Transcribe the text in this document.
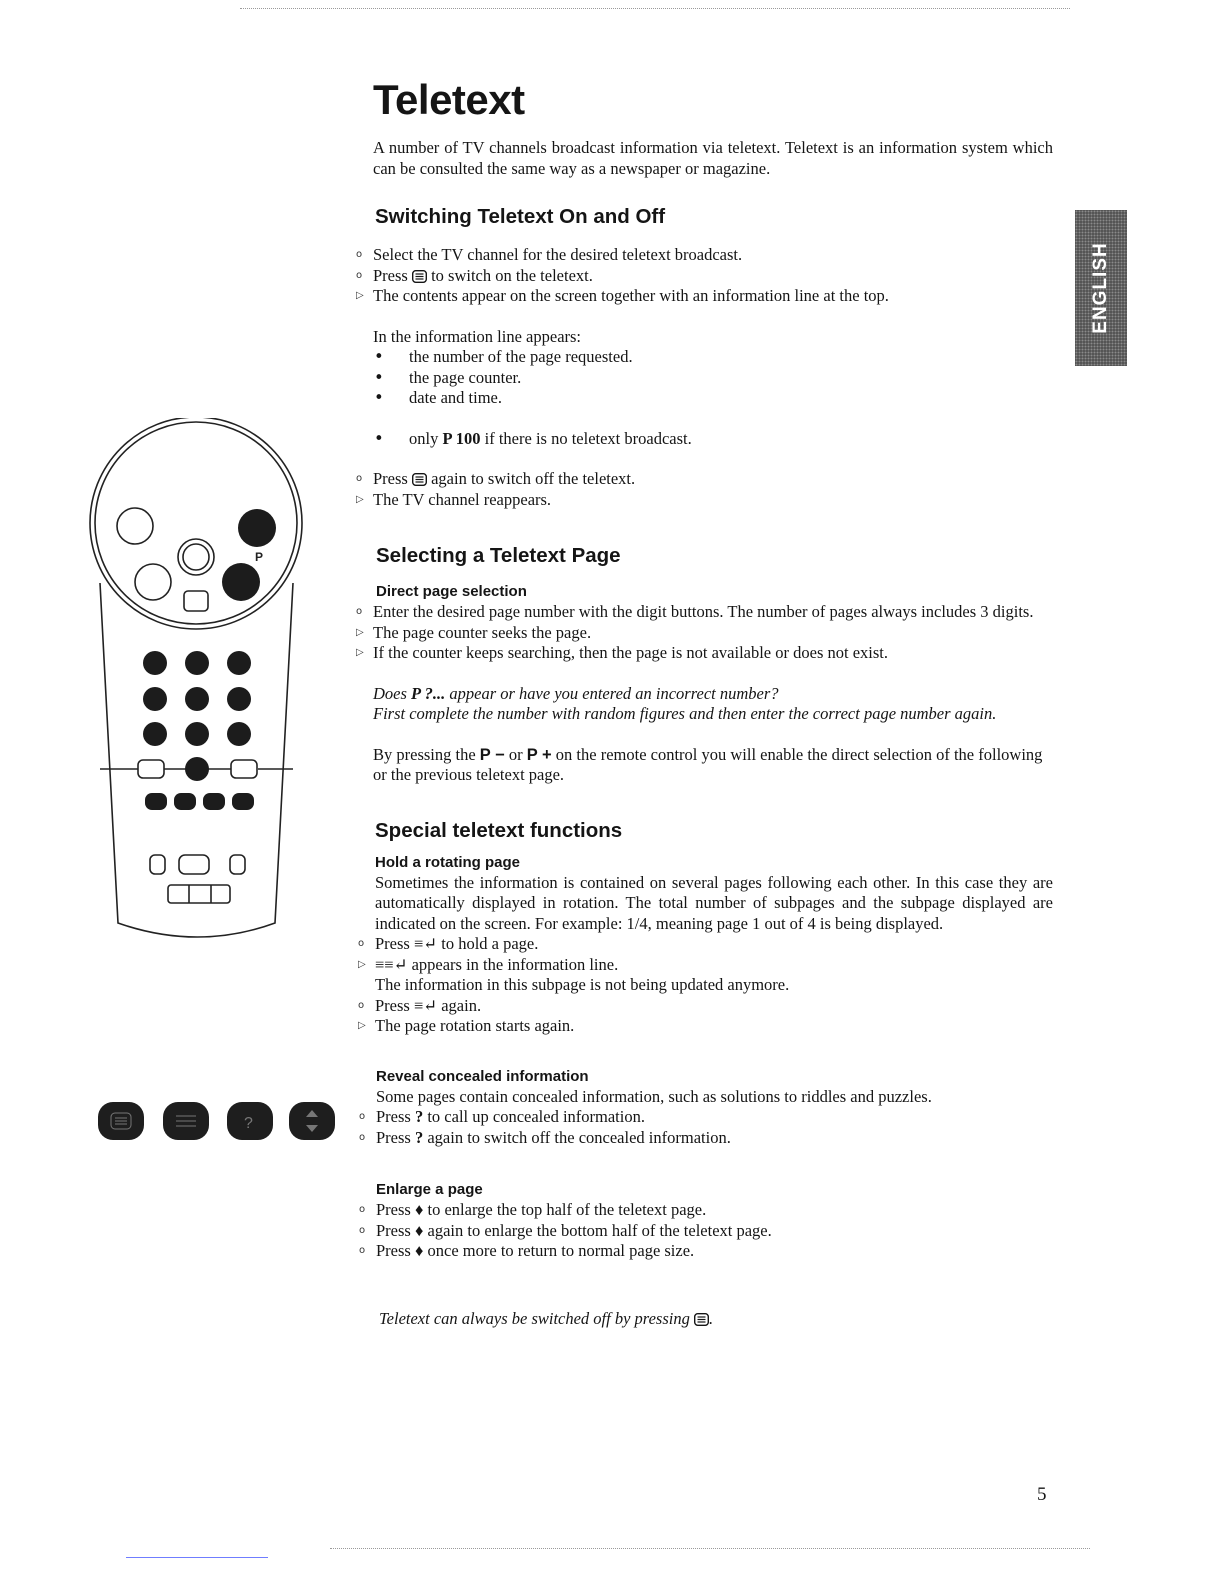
ENGLISH
P
?
Teletext

A number of TV channels broadcast information via teletext. Teletext is an information system which can be consulted the same way as a newspaper or magazine.

Switching Teletext On and Off
o Select the TV channel for the desired teletext broadcast.
o Press to switch on the teletext.
▷ The contents appear on the screen together with an information line at the top.

In the information line appears:

• the number of the page requested.
• the page counter.
• date and time.
• only P 100 if there is no teletext broadcast.
o Press again to switch off the teletext.
▷ The TV channel reappears.
Selecting a Teletext Page
Direct page selection
o Enter the desired page number with the digit buttons. The number of pages always includes 3 digits.
▷ The page counter seeks the page.
▷ If the counter keeps searching, then the page is not available or does not exist.

Does P ?... appear or have you entered an incorrect number?

First complete the number with random figures and then enter the correct page number again.

By pressing the P − or P + on the remote control you will enable the direct selection of the following or the previous teletext page.

Special teletext functions
Hold a rotating page

Sometimes the information is contained on several pages following each other. In this case they are automatically displayed in rotation. The total number of subpages and the subpage displayed are indicated on the screen. For example: 1/4, meaning page 1 out of 4 is being displayed.

o Press ≡↵ to hold a page.
▷ ≡≡↵ appears in the information line.
The information in this subpage is not being updated anymore.
o Press ≡↵ again.
▷ The page rotation starts again.
Reveal concealed information

Some pages contain concealed information, such as solutions to riddles and puzzles.

o Press ? to call up concealed information.
o Press ? again to switch off the concealed information.
Enlarge a page
o Press ♦ to enlarge the top half of the teletext page.
o Press ♦ again to enlarge the bottom half of the teletext page.
o Press ♦ once more to return to normal page size.

Teletext can always be switched off by pressing .

5
